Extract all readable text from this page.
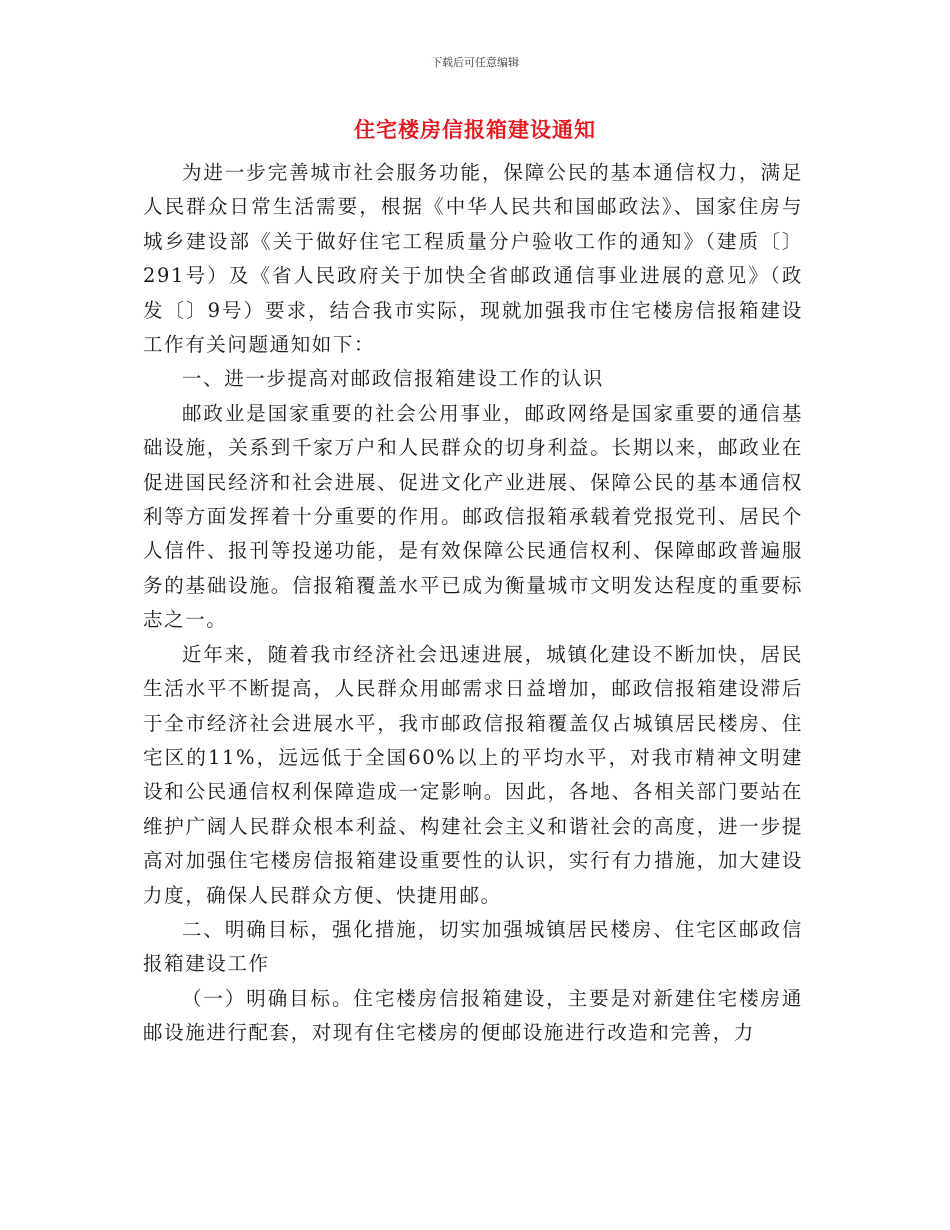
下载后可任意编辑
住宅楼房信报箱建设通知

为进一步完善城市社会服务功能，保障公民的基本通信权力，满足人民群众日常生活需要，根据《中华人民共和国邮政法》、国家住房与城乡建设部《关于做好住宅工程质量分户验收工作的通知》（建质〔〕291号）及《省人民政府关于加快全省邮政通信事业进展的意见》（政发〔〕9号）要求，结合我市实际，现就加强我市住宅楼房信报箱建设工作有关问题通知如下：

一、进一步提高对邮政信报箱建设工作的认识

邮政业是国家重要的社会公用事业，邮政网络是国家重要的通信基础设施，关系到千家万户和人民群众的切身利益。长期以来，邮政业在促进国民经济和社会进展、促进文化产业进展、保障公民的基本通信权利等方面发挥着十分重要的作用。邮政信报箱承载着党报党刊、居民个人信件、报刊等投递功能，是有效保障公民通信权利、保障邮政普遍服务的基础设施。信报箱覆盖水平已成为衡量城市文明发达程度的重要标志之一。

近年来，随着我市经济社会迅速进展，城镇化建设不断加快，居民生活水平不断提高，人民群众用邮需求日益增加，邮政信报箱建设滞后于全市经济社会进展水平，我市邮政信报箱覆盖仅占城镇居民楼房、住宅区的11%，远远低于全国60%以上的平均水平，对我市精神文明建设和公民通信权利保障造成一定影响。因此，各地、各相关部门要站在维护广阔人民群众根本利益、构建社会主义和谐社会的高度，进一步提高对加强住宅楼房信报箱建设重要性的认识，实行有力措施，加大建设力度，确保人民群众方便、快捷用邮。

二、明确目标，强化措施，切实加强城镇居民楼房、住宅区邮政信报箱建设工作

（一）明确目标。住宅楼房信报箱建设，主要是对新建住宅楼房通邮设施进行配套，对现有住宅楼房的便邮设施进行改造和完善，力
